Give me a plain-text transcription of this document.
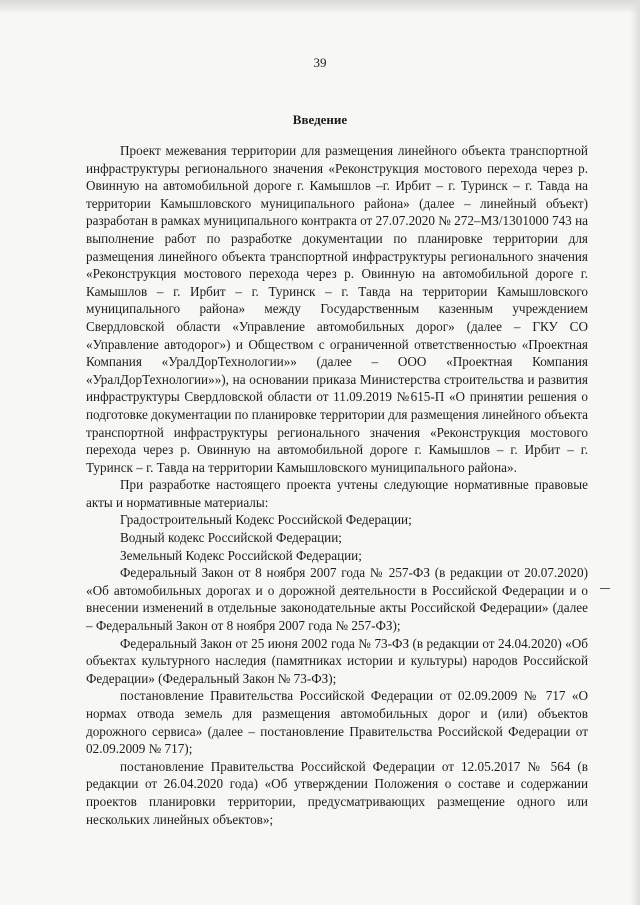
39
Введение

Проект межевания территории для размещения линейного объекта транспортной инфраструктуры регионального значения «Реконструкция мостового перехода через р. Овинную на автомобильной дороге г. Камышлов –г. Ирбит – г. Туринск – г. Тавда на территории Камышловского муниципального района» (далее – линейный объект) разработан в рамках муниципального контракта от 27.07.2020 № 272–МЗ/1301000 743 на выполнение работ по разработке документации по планировке территории для размещения линейного объекта транспортной инфраструктуры регионального значения «Реконструкция мостового перехода через р. Овинную на автомобильной дороге г. Камышлов – г. Ирбит – г. Туринск – г. Тавда на территории Камышловского муниципального района» между Государственным казенным учреждением Свердловской области «Управление автомобильных дорог» (далее – ГКУ СО «Управление автодорог») и Обществом с ограниченной ответственностью «Проектная Компания «УралДорТехнологии»» (далее – ООО «Проектная Компания «УралДорТехнологии»»), на основании приказа Министерства строительства и развития инфраструктуры Свердловской области от 11.09.2019 №615-П «О принятии решения о подготовке документации по планировке территории для размещения линейного объекта транспортной инфраструктуры регионального значения «Реконструкция мостового перехода через р. Овинную на автомобильной дороге г. Камышлов – г. Ирбит – г. Туринск – г. Тавда на территории Камышловского муниципального района».

При разработке настоящего проекта учтены следующие нормативные правовые акты и нормативные материалы:

Градостроительный Кодекс Российской Федерации;

Водный кодекс Российской Федерации;

Земельный Кодекс Российской Федерации;

Федеральный Закон от 8 ноября 2007 года № 257-ФЗ (в редакции от 20.07.2020) «Об автомобильных дорогах и о дорожной деятельности в Российской Федерации и о внесении изменений в отдельные законодательные акты Российской Федерации» (далее – Федеральный Закон от 8 ноября 2007 года № 257-ФЗ);

Федеральный Закон от 25 июня 2002 года № 73-ФЗ (в редакции от 24.04.2020) «Об объектах культурного наследия (памятниках истории и культуры) народов Российской Федерации» (Федеральный Закон № 73-ФЗ);

постановление Правительства Российской Федерации от 02.09.2009 № 717 «О нормах отвода земель для размещения автомобильных дорог и (или) объектов дорожного сервиса» (далее – постановление Правительства Российской Федерации от 02.09.2009 № 717);

постановление Правительства Российской Федерации от 12.05.2017 № 564 (в редакции от 26.04.2020 года) «Об утверждении Положения о составе и содержании проектов планировки территории, предусматривающих размещение одного или нескольких линейных объектов»;
